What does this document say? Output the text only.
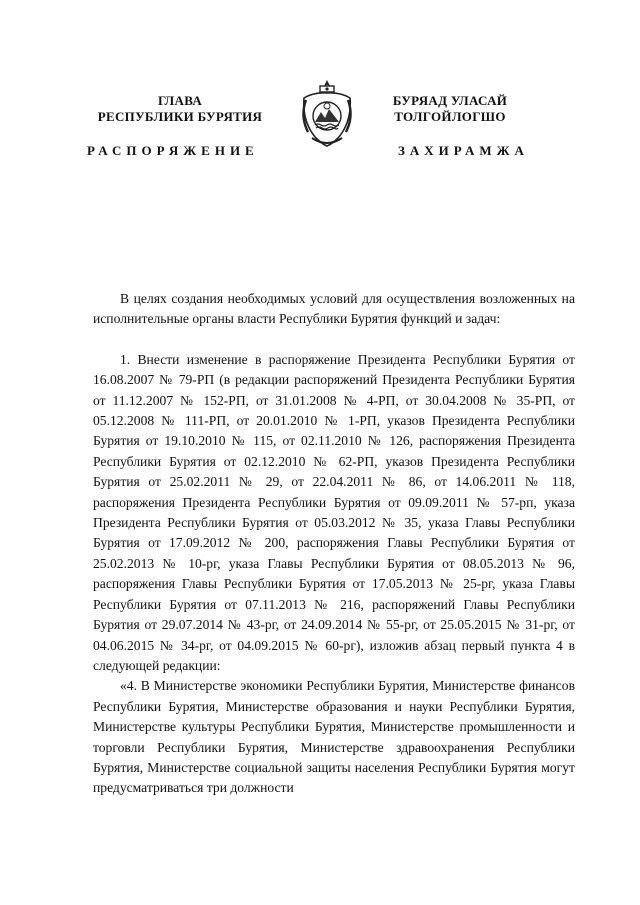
ГЛАВА
РЕСПУБЛИКИ БУРЯТИЯ
РАСПОРЯЖЕНИЕ
БУРЯАД УЛАСАЙ
ТОЛГОЙЛОГШО
ЗАХИРАМЖА

В целях создания необходимых условий для осуществления возложенных на исполнительные органы власти Республики Бурятия функций и задач:

1. Внести изменение в распоряжение Президента Республики Бурятия от 16.08.2007 № 79-РП (в редакции распоряжений Президента Республики Бурятия от 11.12.2007 № 152-РП, от 31.01.2008 № 4-РП, от 30.04.2008 № 35-РП, от 05.12.2008 № 111-РП, от 20.01.2010 № 1-РП, указов Президента Республики Бурятия от 19.10.2010 № 115, от 02.11.2010 № 126, распоряжения Президента Республики Бурятия от 02.12.2010 № 62-РП, указов Президента Республики Бурятия от 25.02.2011 № 29, от 22.04.2011 № 86, от 14.06.2011 № 118, распоряжения Президента Республики Бурятия от 09.09.2011 № 57-рп, указа Президента Республики Бурятия от 05.03.2012 № 35, указа Главы Республики Бурятия от 17.09.2012 № 200, распоряжения Главы Республики Бурятия от 25.02.2013 № 10-рг, указа Главы Республики Бурятия от 08.05.2013 № 96, распоряжения Главы Республики Бурятия от 17.05.2013 № 25-рг, указа Главы Республики Бурятия от 07.11.2013 № 216, распоряжений Главы Республики Бурятия от 29.07.2014 № 43-рг, от 24.09.2014 № 55-рг, от 25.05.2015 № 31-рг, от 04.06.2015 № 34-рг, от 04.09.2015 № 60-рг), изложив абзац первый пункта 4 в следующей редакции:

«4. В Министерстве экономики Республики Бурятия, Министерстве финансов Республики Бурятия, Министерстве образования и науки Республики Бурятия, Министерстве культуры Республики Бурятия, Министерстве промышленности и торговли Республики Бурятия, Министерстве здравоохранения Республики Бурятия, Министерстве социальной защиты населения Республики Бурятия могут предусматриваться три должности
